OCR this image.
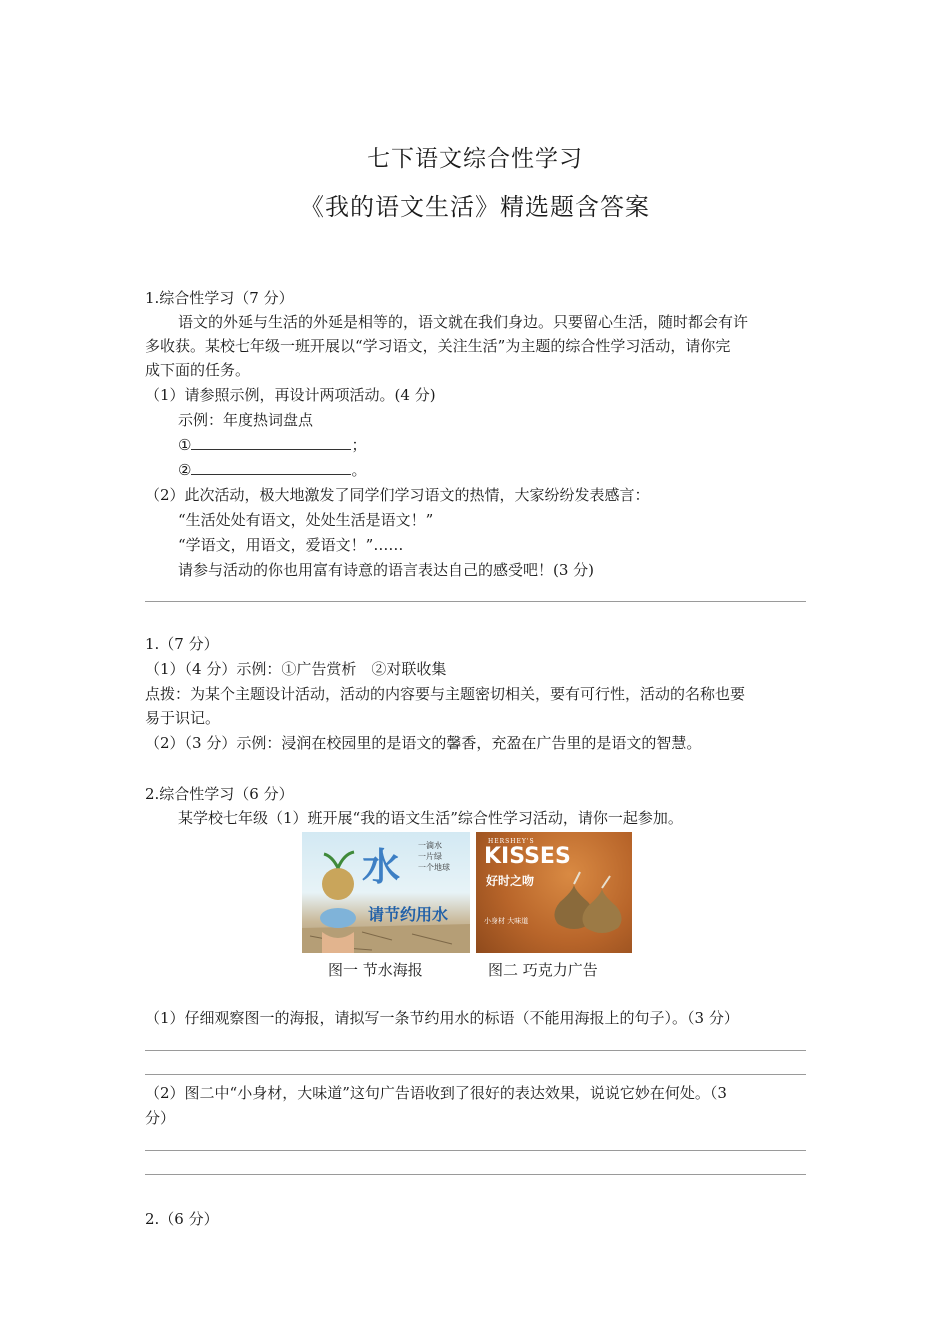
七下语文综合性学习
《我的语文生活》精选题含答案
1.综合性学习（7 分）
语文的外延与生活的外延是相等的，语文就在我们身边。只要留心生活，随时都会有许
多收获。某校七年级一班开展以“学习语文，关注生活”为主题的综合性学习活动，请你完
成下面的任务。
（1）请参照示例，再设计两项活动。(4 分)
示例：年度热词盘点
①	；
②	。
（2）此次活动，极大地激发了同学们学习语文的热情，大家纷纷发表感言：
“生活处处有语文，处处生活是语文！”
“学语文，用语文，爱语文！”……
请参与活动的你也用富有诗意的语言表达自己的感受吧！(3 分)
1.（7 分）
（1）（4 分）示例：①广告赏析　②对联收集
点拨：为某个主题设计活动，活动的内容要与主题密切相关，要有可行性，活动的名称也要
易于识记。
（2）（3 分）示例：浸润在校园里的是语文的馨香，充盈在广告里的是语文的智慧。
2.综合性学习（6 分）
某学校七年级（1）班开展“我的语文生活”综合性学习活动，请你一起参加。
水 一滴水
一片绿
一个地球
请节约用水
HERSHEY'S
KISSES
好时之吻
小身材 大味道
图一 节水海报	图二 巧克力广告
（1）仔细观察图一的海报，请拟写一条节约用水的标语（不能用海报上的句子）。（3 分）
（2）图二中“小身材，大味道”这句广告语收到了很好的表达效果，说说它妙在何处。（3
分）
2.（6 分）
